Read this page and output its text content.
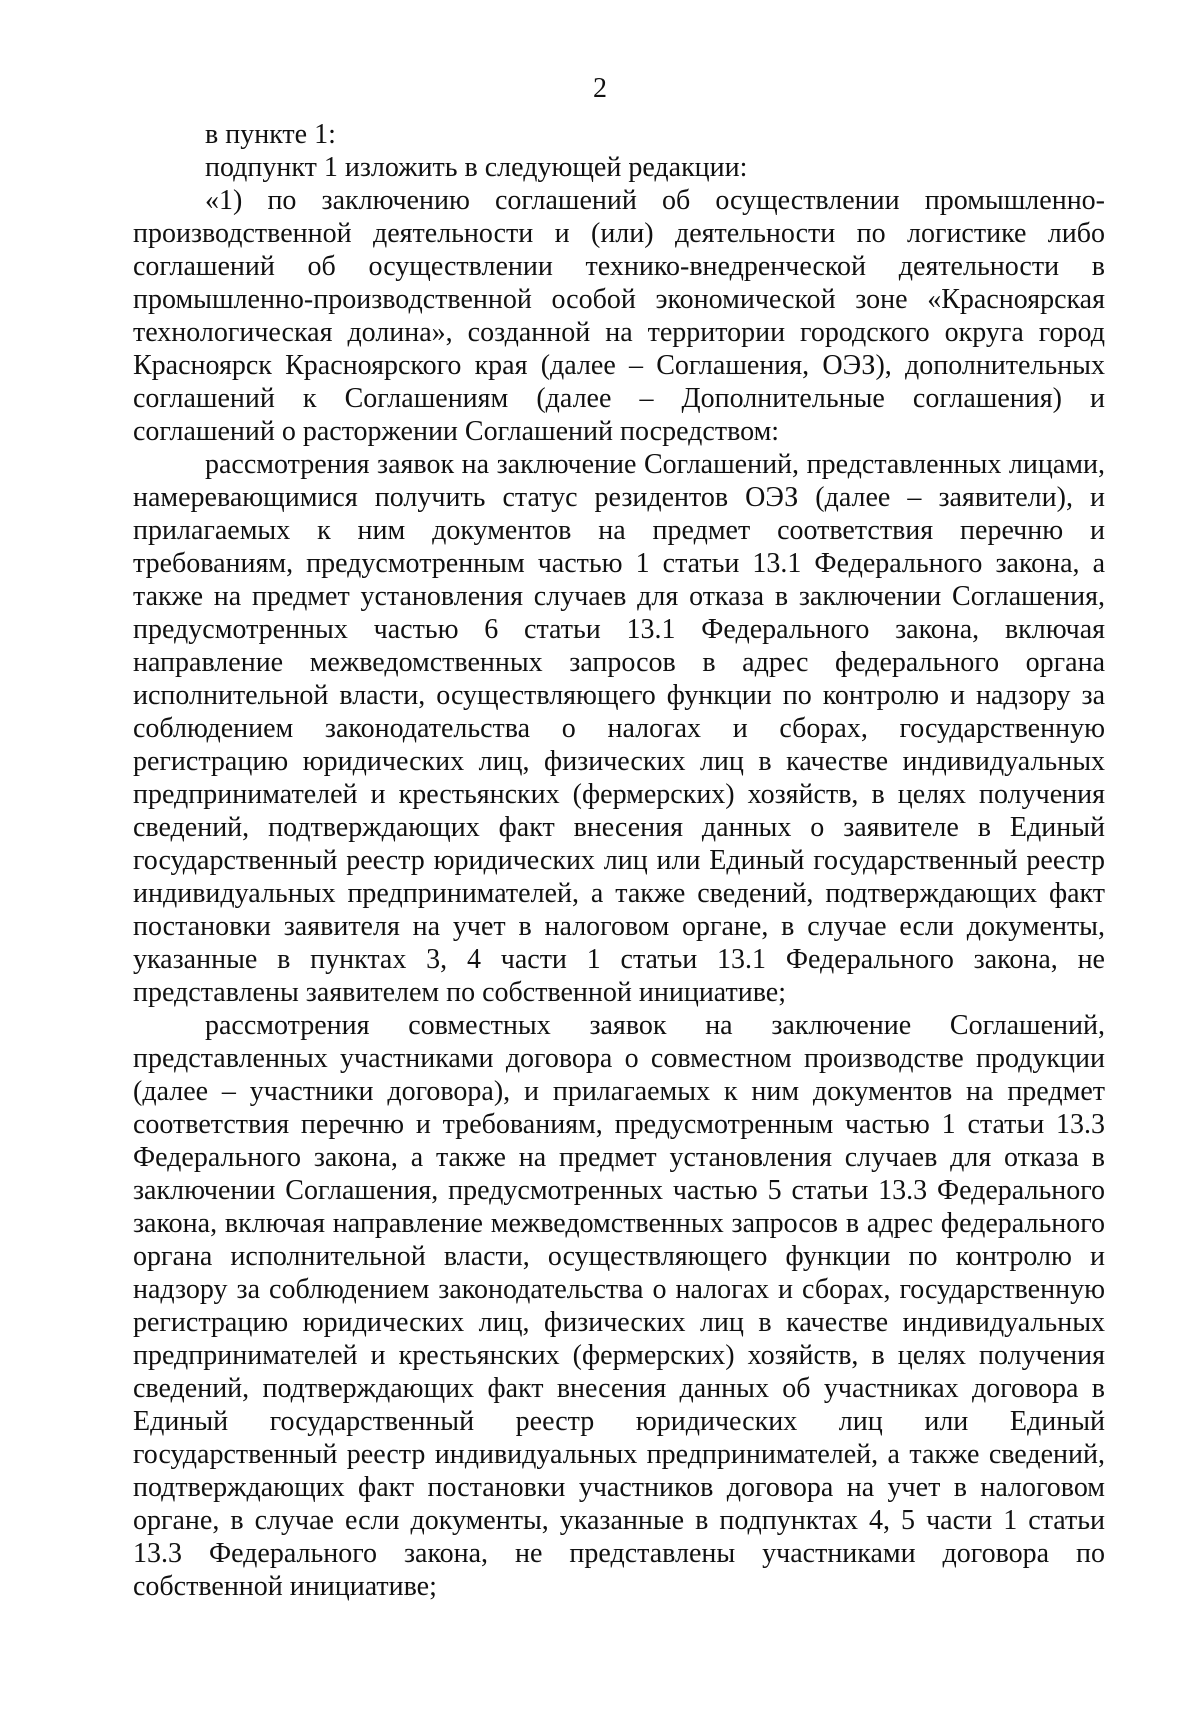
2

в пункте 1:

подпункт 1 изложить в следующей редакции:

«1) по заключению соглашений об осуществлении промышленно-производственной деятельности и (или) деятельности по логистике либо соглашений об осуществлении технико-внедренческой деятельности в промышленно-производственной особой экономической зоне «Красноярская технологическая долина», созданной на территории городского округа город Красноярск Красноярского края (далее – Соглашения, ОЭЗ), дополнительных соглашений к Соглашениям (далее – Дополнительные соглашения) и соглашений о расторжении Соглашений посредством:

рассмотрения заявок на заключение Соглашений, представленных лицами, намеревающимися получить статус резидентов ОЭЗ (далее – заявители), и прилагаемых к ним документов на предмет соответствия перечню и требованиям, предусмотренным частью 1 статьи 13.1 Федерального закона, а также на предмет установления случаев для отказа в заключении Соглашения, предусмотренных частью 6 статьи 13.1 Федерального закона, включая направление межведомственных запросов в адрес федерального органа исполнительной власти, осуществляющего функции по контролю и надзору за соблюдением законодательства о налогах и сборах, государственную регистрацию юридических лиц, физических лиц в качестве индивидуальных предпринимателей и крестьянских (фермерских) хозяйств, в целях получения сведений, подтверждающих факт внесения данных о заявителе в Единый государственный реестр юридических лиц или Единый государственный реестр индивидуальных предпринимателей, а также сведений, подтверждающих факт постановки заявителя на учет в налоговом органе, в случае если документы, указанные в пунктах 3, 4 части 1 статьи 13.1 Федерального закона, не представлены заявителем по собственной инициативе;

рассмотрения совместных заявок на заключение Соглашений, представленных участниками договора о совместном производстве продукции (далее – участники договора), и прилагаемых к ним документов на предмет соответствия перечню и требованиям, предусмотренным частью 1 статьи 13.3 Федерального закона, а также на предмет установления случаев для отказа в заключении Соглашения, предусмотренных частью 5 статьи 13.3 Федерального закона, включая направление межведомственных запросов в адрес федерального органа исполнительной власти, осуществляющего функции по контролю и надзору за соблюдением законодательства о налогах и сборах, государственную регистрацию юридических лиц, физических лиц в качестве индивидуальных предпринимателей и крестьянских (фермерских) хозяйств, в целях получения сведений, подтверждающих факт внесения данных об участниках договора в Единый государственный реестр юридических лиц или Единый государственный реестр индивидуальных предпринимателей, а также сведений, подтверждающих факт постановки участников договора на учет в налоговом органе, в случае если документы, указанные в подпунктах 4, 5 части 1 статьи 13.3 Федерального закона, не представлены участниками договора по собственной инициативе;
